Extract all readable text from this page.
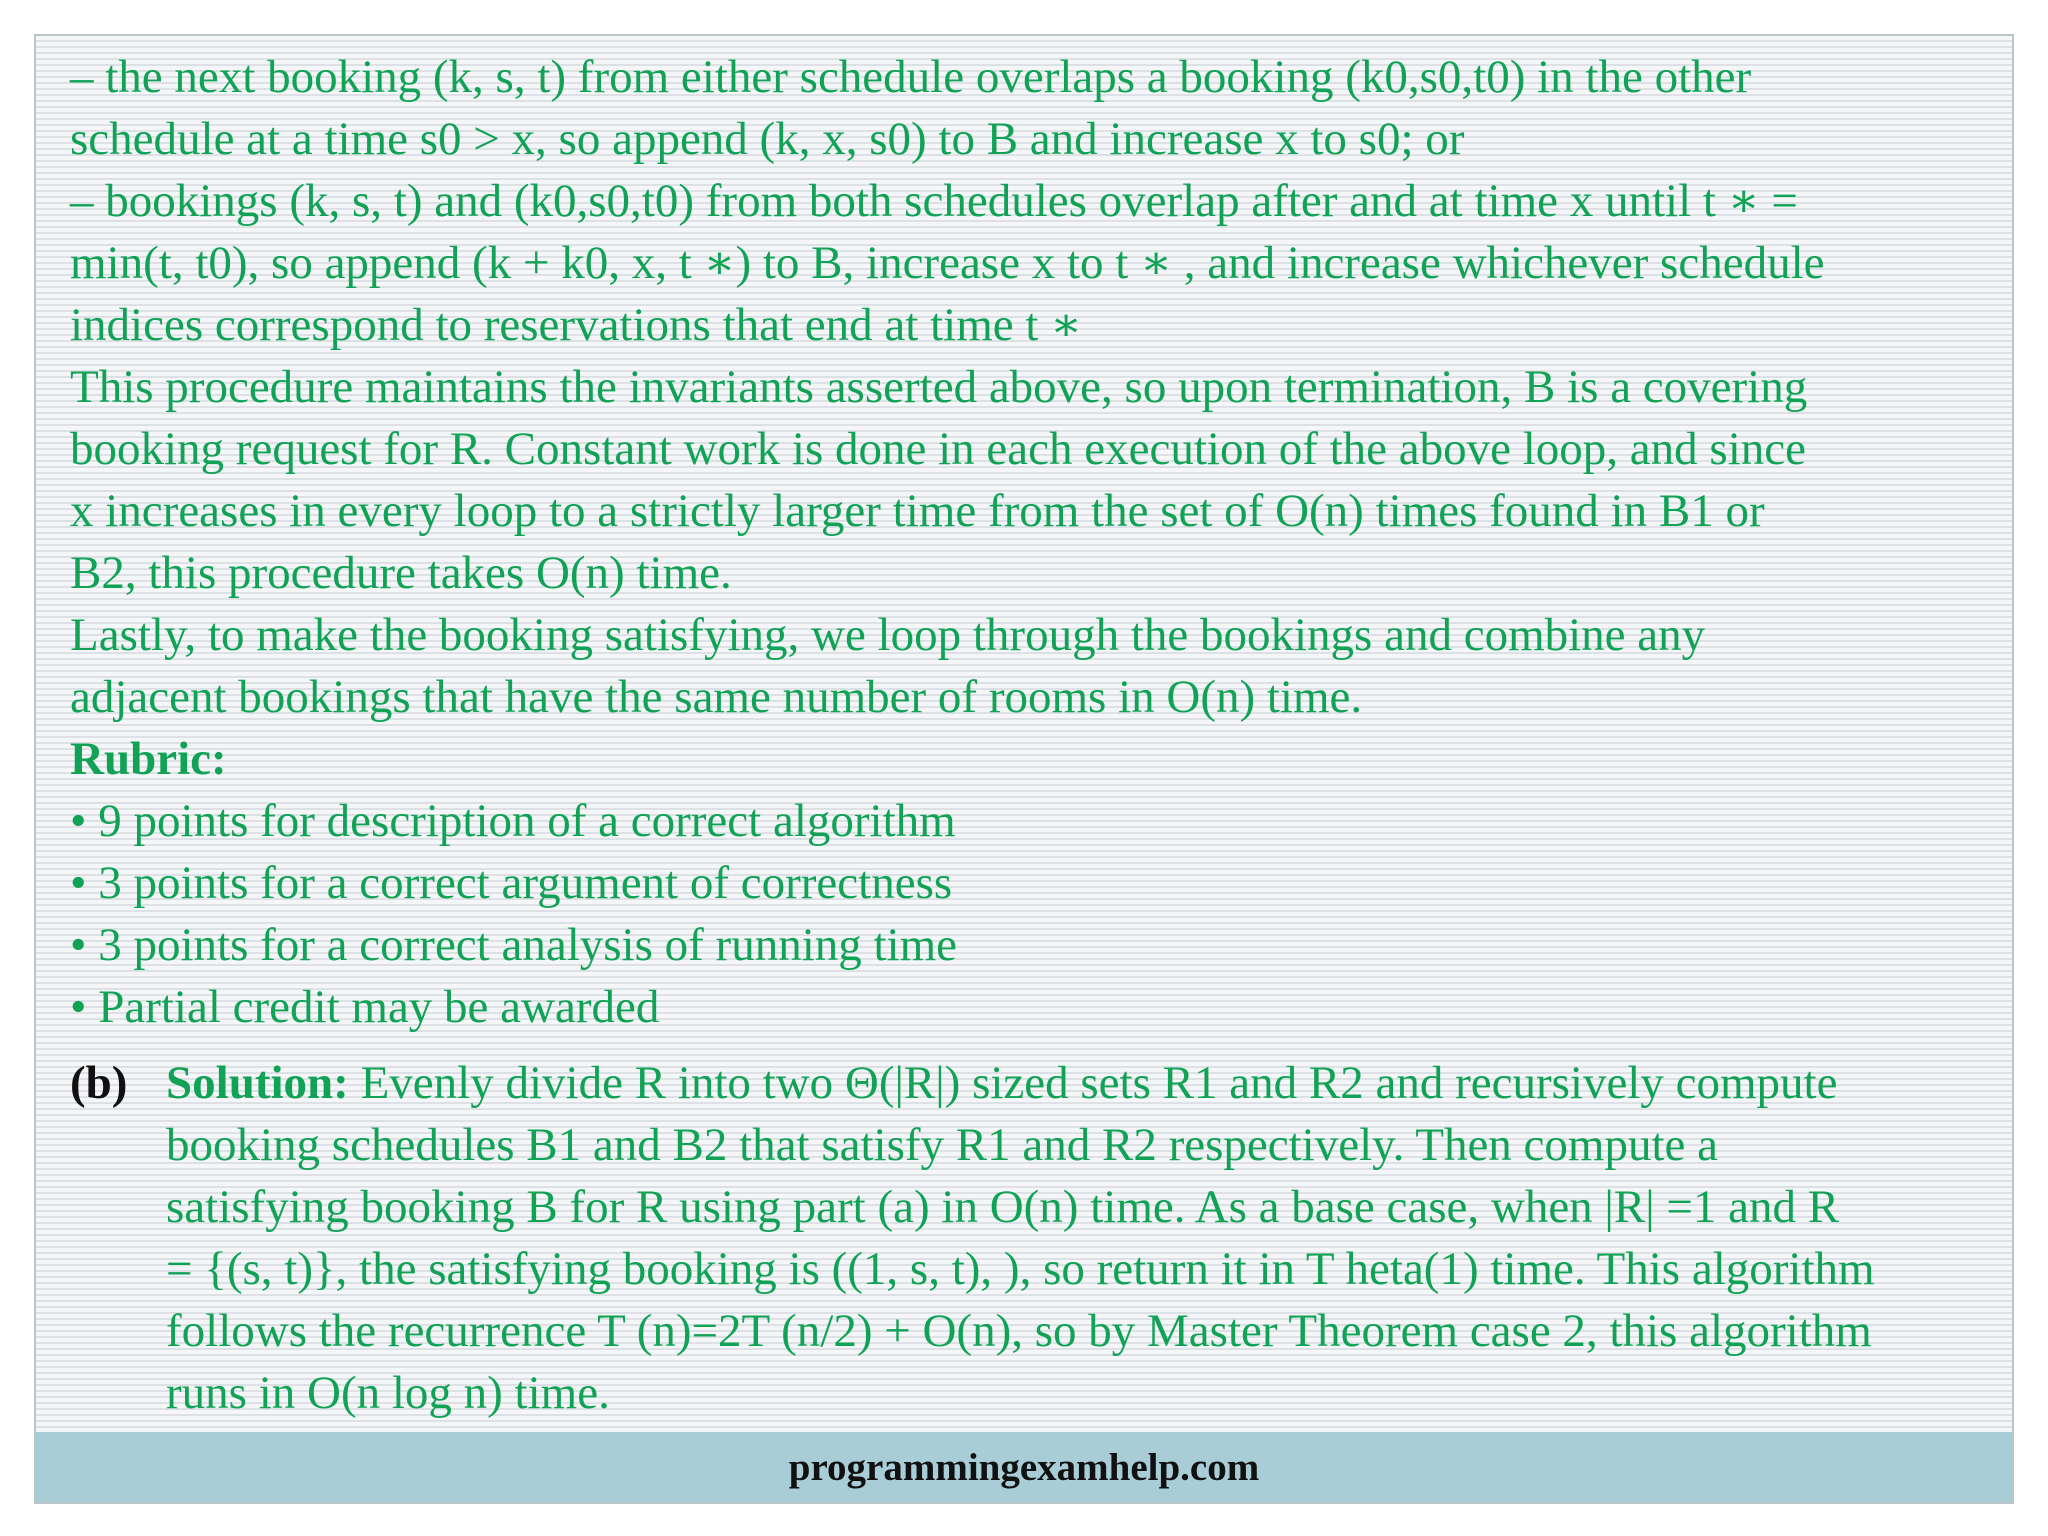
– the next booking (k, s, t) from either schedule overlaps a booking (k0,s0,t0) in the other

schedule at a time s0 > x, so append (k, x, s0) to B and increase x to s0; or

– bookings (k, s, t) and (k0,s0,t0) from both schedules overlap after and at time x until t ∗ =

min(t, t0), so append (k + k0, x, t ∗) to B, increase x to t ∗ , and increase whichever schedule

indices correspond to reservations that end at time t ∗

This procedure maintains the invariants asserted above, so upon termination, B is a covering

booking request for R. Constant work is done in each execution of the above loop, and since

x increases in every loop to a strictly larger time from the set of O(n) times found in B1 or

B2, this procedure takes O(n) time.

Lastly, to make the booking satisfying, we loop through the bookings and combine any

adjacent bookings that have the same number of rooms in O(n) time.

Rubric:

• 9 points for description of a correct algorithm

• 3 points for a correct argument of correctness

• 3 points for a correct analysis of running time

• Partial credit may be awarded

(b) Solution: Evenly divide R into two Θ(|R|) sized sets R1 and R2 and recursively compute

booking schedules B1 and B2 that satisfy R1 and R2 respectively. Then compute a

satisfying booking B for R using part (a) in O(n) time. As a base case, when |R| =1 and R

= {(s, t)}, the satisfying booking is ((1, s, t), ), so return it in T heta(1) time. This algorithm

follows the recurrence T (n)=2T (n/2) + O(n), so by Master Theorem case 2, this algorithm

runs in O(n log n) time.

programmingexamhelp.com
